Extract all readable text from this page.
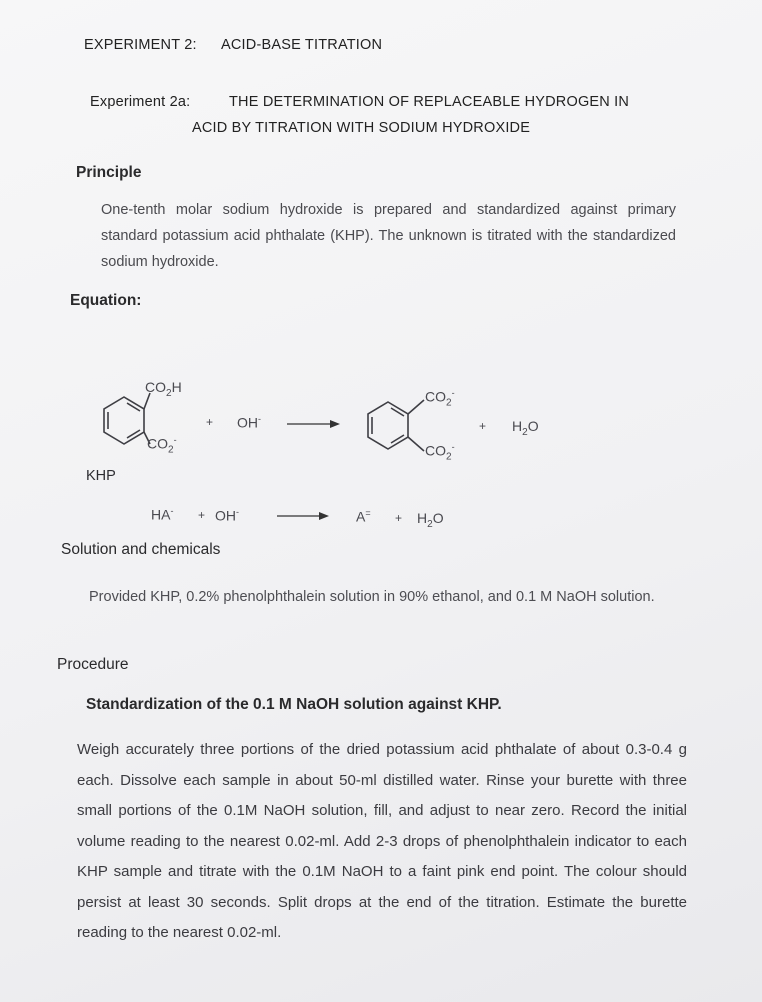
EXPERIMENT 2: ACID-BASE TITRATION
Experiment 2a:	THE DETERMINATION OF REPLACEABLE HYDROGEN IN
ACID BY TITRATION WITH SODIUM HYDROXIDE
Principle
One-tenth molar sodium hydroxide is prepared and standardized against primary standard potassium acid phthalate (KHP). The unknown is titrated with the standardized sodium hydroxide.
Equation:
$CO_2H$
$CO_2^-$
+ OH-
$CO_2^-$
$CO_2^-$
+ $H_2O$
KHP
HA- + OH-	$A^= + H_2O$
Solution and chemicals
Provided KHP, 0.2% phenolphthalein solution in 90% ethanol, and 0.1 M NaOH solution.
Procedure
Standardization of the 0.1 M NaOH solution against KHP.
Weigh accurately three portions of the dried potassium acid phthalate of about 0.3-0.4 g each. Dissolve each sample in about 50-ml distilled water. Rinse your burette with three small portions of the 0.1M NaOH solution, fill, and adjust to near zero. Record the initial volume reading to the nearest 0.02-ml. Add 2-3 drops of phenolphthalein indicator to each KHP sample and titrate with the 0.1M NaOH to a faint pink end point. The colour should persist at least 30 seconds. Split drops at the end of the titration. Estimate the burette reading to the nearest 0.02-ml.
